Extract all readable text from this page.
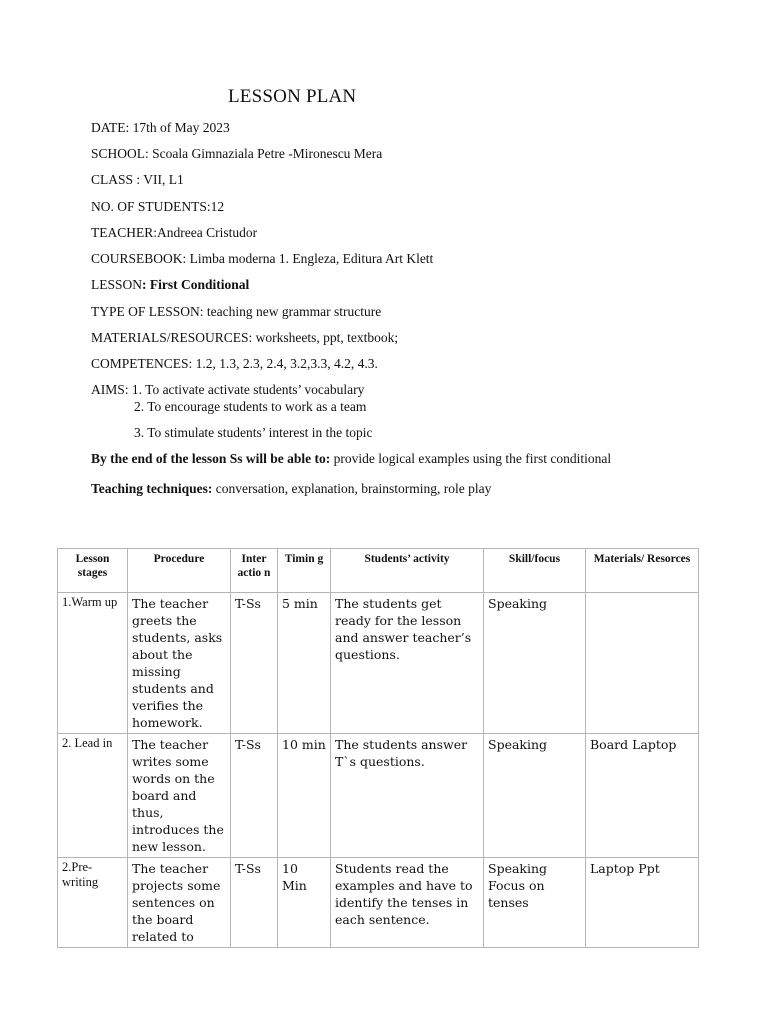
LESSON PLAN
DATE: 17th of May 2023
SCHOOL: Scoala Gimnaziala Petre -Mironescu Mera
CLASS : VII, L1
NO. OF STUDENTS:12
TEACHER:Andreea Cristudor
COURSEBOOK: Limba moderna 1. Engleza, Editura Art Klett
LESSON: First Conditional
TYPE OF LESSON: teaching new grammar structure
MATERIALS/RESOURCES: worksheets, ppt, textbook;
COMPETENCES: 1.2, 1.3, 2.3, 2.4, 3.2,3.3, 4.2, 4.3.
AIMS: 1. To activate activate students’ vocabulary
2. To encourage students to work as a team
3. To stimulate students’ interest in the topic
By the end of the lesson Ss will be able to: provide logical examples using the first conditional
Teaching techniques: conversation, explanation, brainstorming, role play
Lesson stages	Procedure	Inter actio n	Timin g	Students’ activity	Skill/focus	Materials/ Resorces
1.Warm up	The teacher greets the students, asks about the missing students and verifies the homework.	T-Ss	5 min	The students get ready for the lesson and answer teacher’s questions.	Speaking	
2. Lead in	The teacher writes some words on the board and thus, introduces the new lesson.	T-Ss	10 min	The students answer T`s questions.	Speaking	Board Laptop
2.Pre-writing	The teacher projects some sentences on the board related to	T-Ss	10 Min	Students read the examples and have to identify the tenses in each sentence.	Speaking Focus on tenses	Laptop Ppt
